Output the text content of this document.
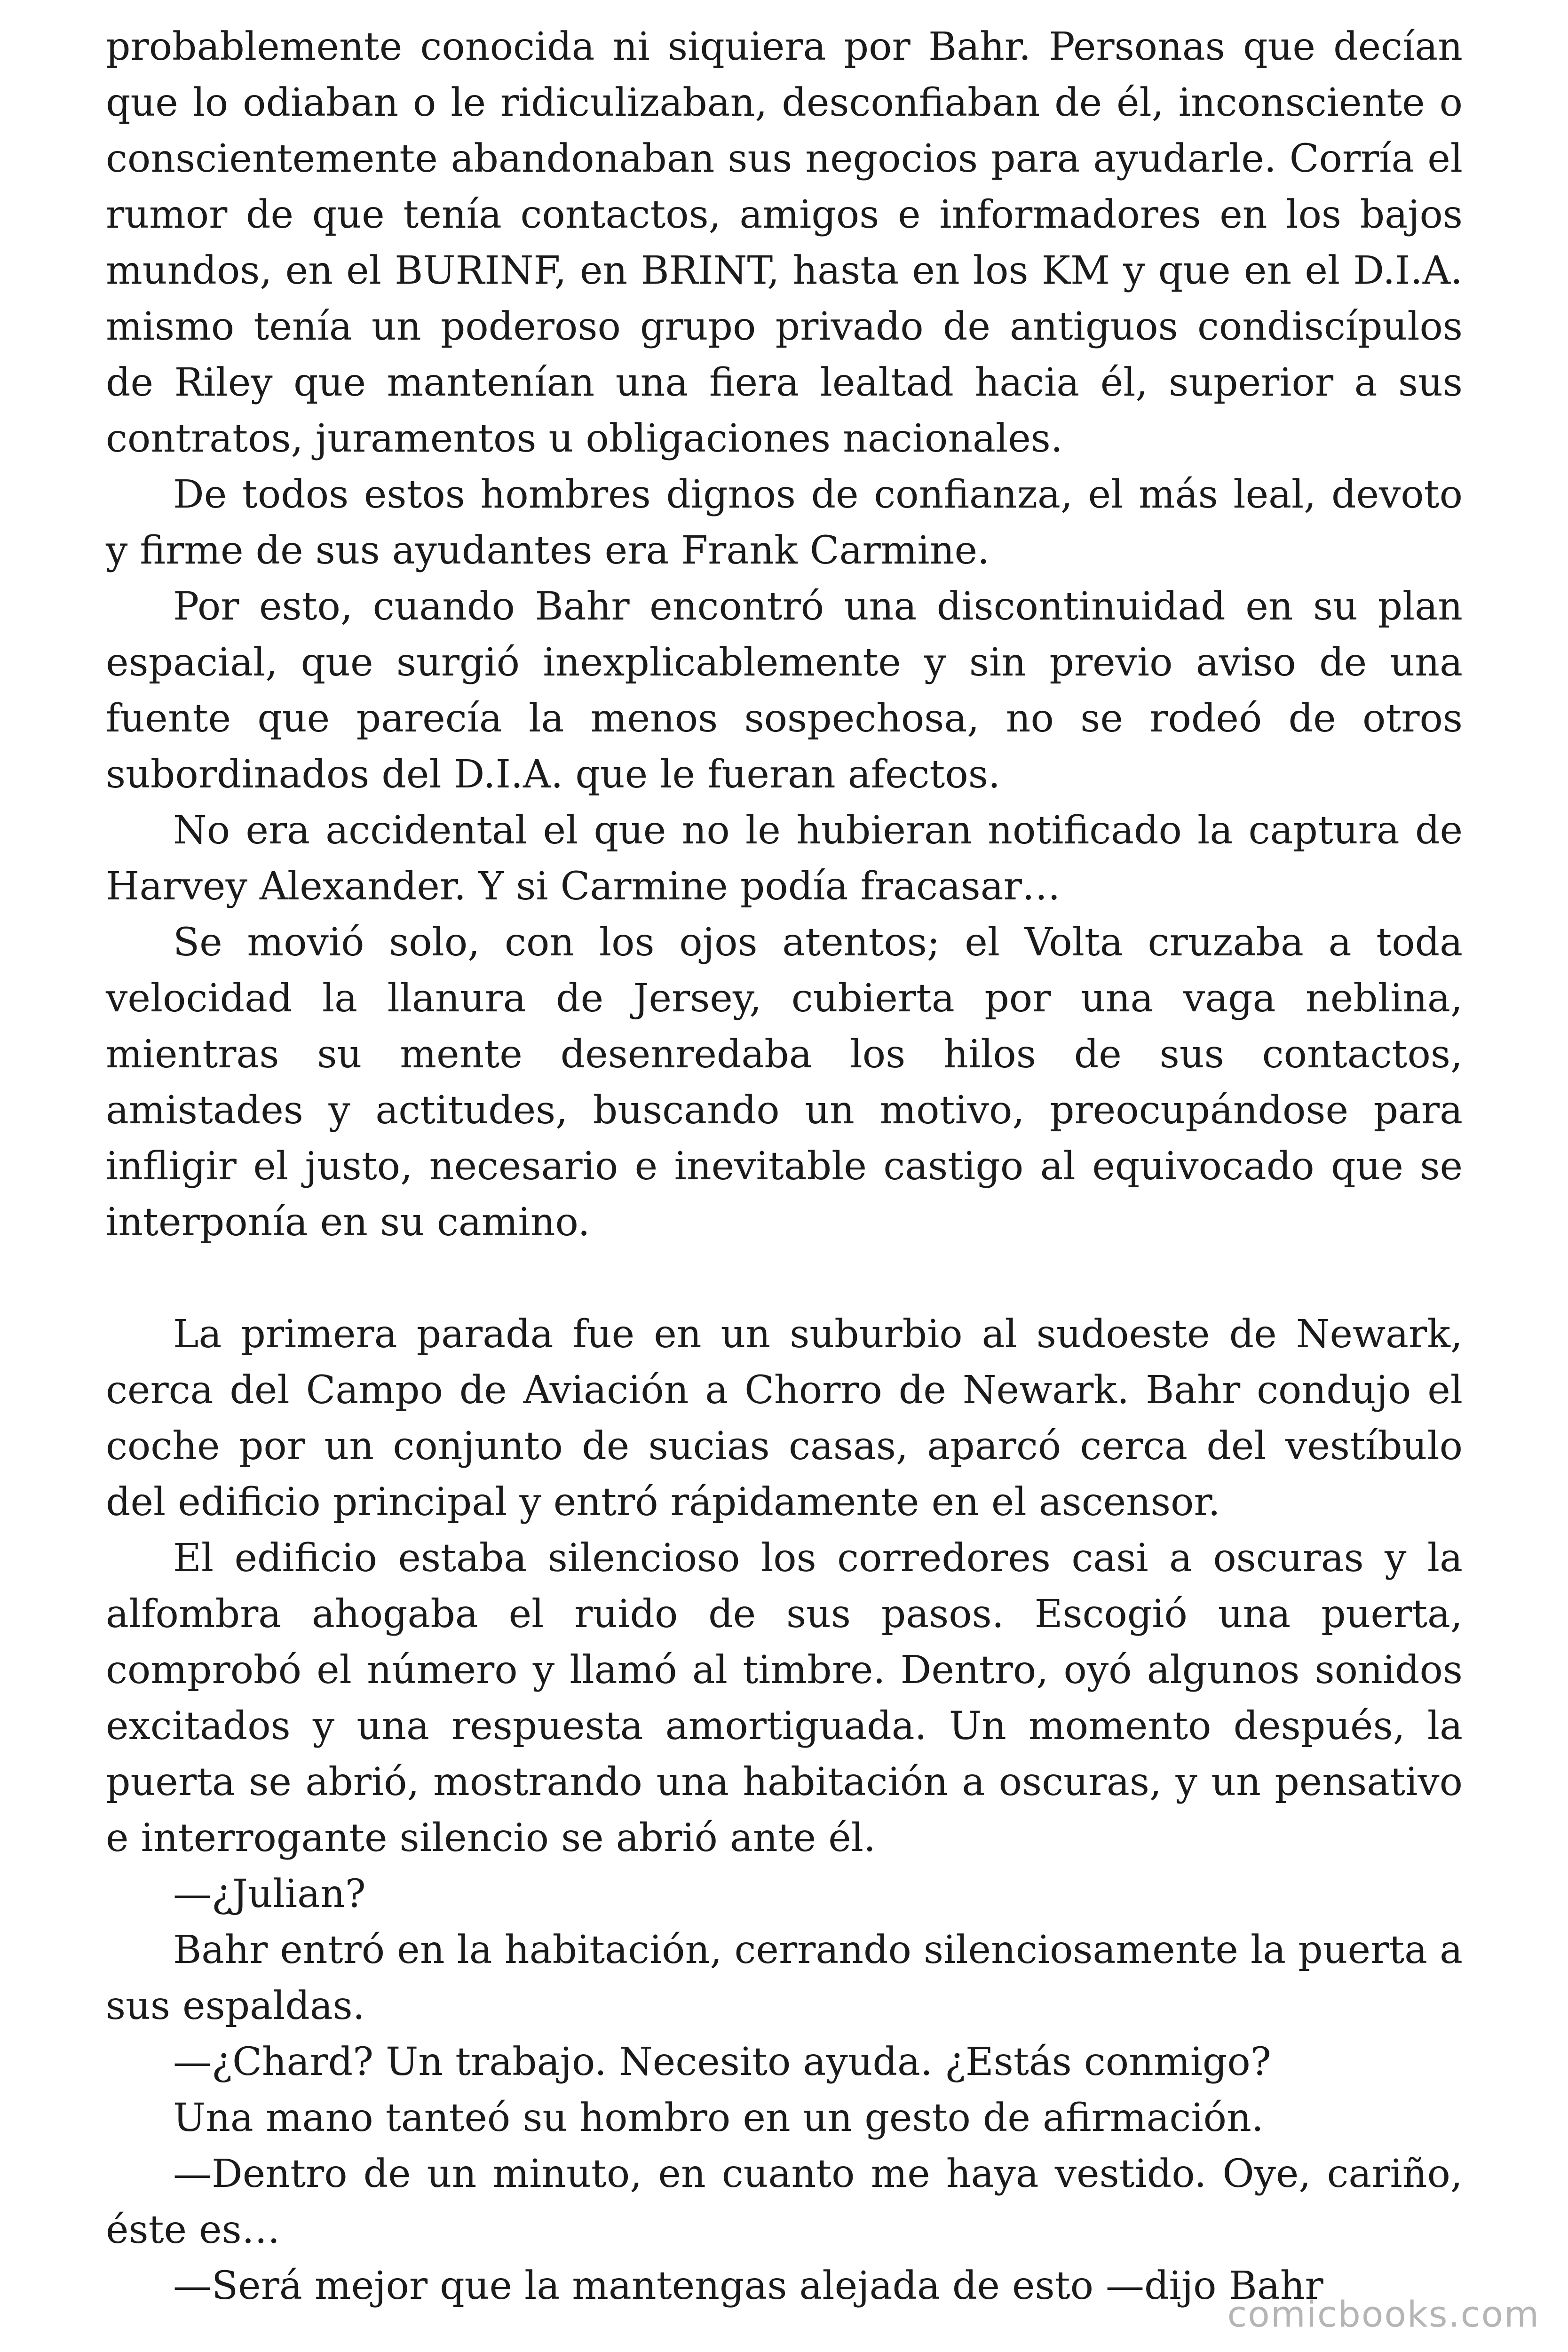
probablemente conocida ni siquiera por Bahr. Personas que decían que lo odiaban o le ridiculizaban, desconfiaban de él, inconsciente o conscientemente abandonaban sus negocios para ayudarle. Corría el rumor de que tenía contactos, amigos e informadores en los bajos mundos, en el BURINF, en BRINT, hasta en los KM y que en el D.I.A. mismo tenía un poderoso grupo privado de antiguos condiscípulos de Riley que mantenían una fiera lealtad hacia él, superior a sus contratos, juramentos u obligaciones nacionales.

De todos estos hombres dignos de confianza, el más leal, devoto y firme de sus ayudantes era Frank Carmine.

Por esto, cuando Bahr encontró una discontinuidad en su plan espacial, que surgió inexplicablemente y sin previo aviso de una fuente que parecía la menos sospechosa, no se rodeó de otros subordinados del D.I.A. que le fueran afectos.

No era accidental el que no le hubieran notificado la captura de Harvey Alexander. Y si Carmine podía fracasar…

Se movió solo, con los ojos atentos; el Volta cruzaba a toda velocidad la llanura de Jersey, cubierta por una vaga neblina, mientras su mente desenredaba los hilos de sus contactos, amistades y actitudes, buscando un motivo, preocupándose para infligir el justo, necesario e inevitable castigo al equivocado que se interponía en su camino.

La primera parada fue en un suburbio al sudoeste de Newark, cerca del Campo de Aviación a Chorro de Newark. Bahr condujo el coche por un conjunto de sucias casas, aparcó cerca del vestíbulo del edificio principal y entró rápidamente en el ascensor.

El edificio estaba silencioso los corredores casi a oscuras y la alfombra ahogaba el ruido de sus pasos. Escogió una puerta, comprobó el número y llamó al timbre. Dentro, oyó algunos sonidos excitados y una respuesta amortiguada. Un momento después, la puerta se abrió, mostrando una habitación a oscuras, y un pensativo e interrogante silencio se abrió ante él.

—¿Julian?

Bahr entró en la habitación, cerrando silenciosamente la puerta a sus espaldas.

—¿Chard? Un trabajo. Necesito ayuda. ¿Estás conmigo?

Una mano tanteó su hombro en un gesto de afirmación.

—Dentro de un minuto, en cuanto me haya vestido. Oye, cariño, éste es…

—Será mejor que la mantengas alejada de esto —dijo Bahr

comicbooks.com
